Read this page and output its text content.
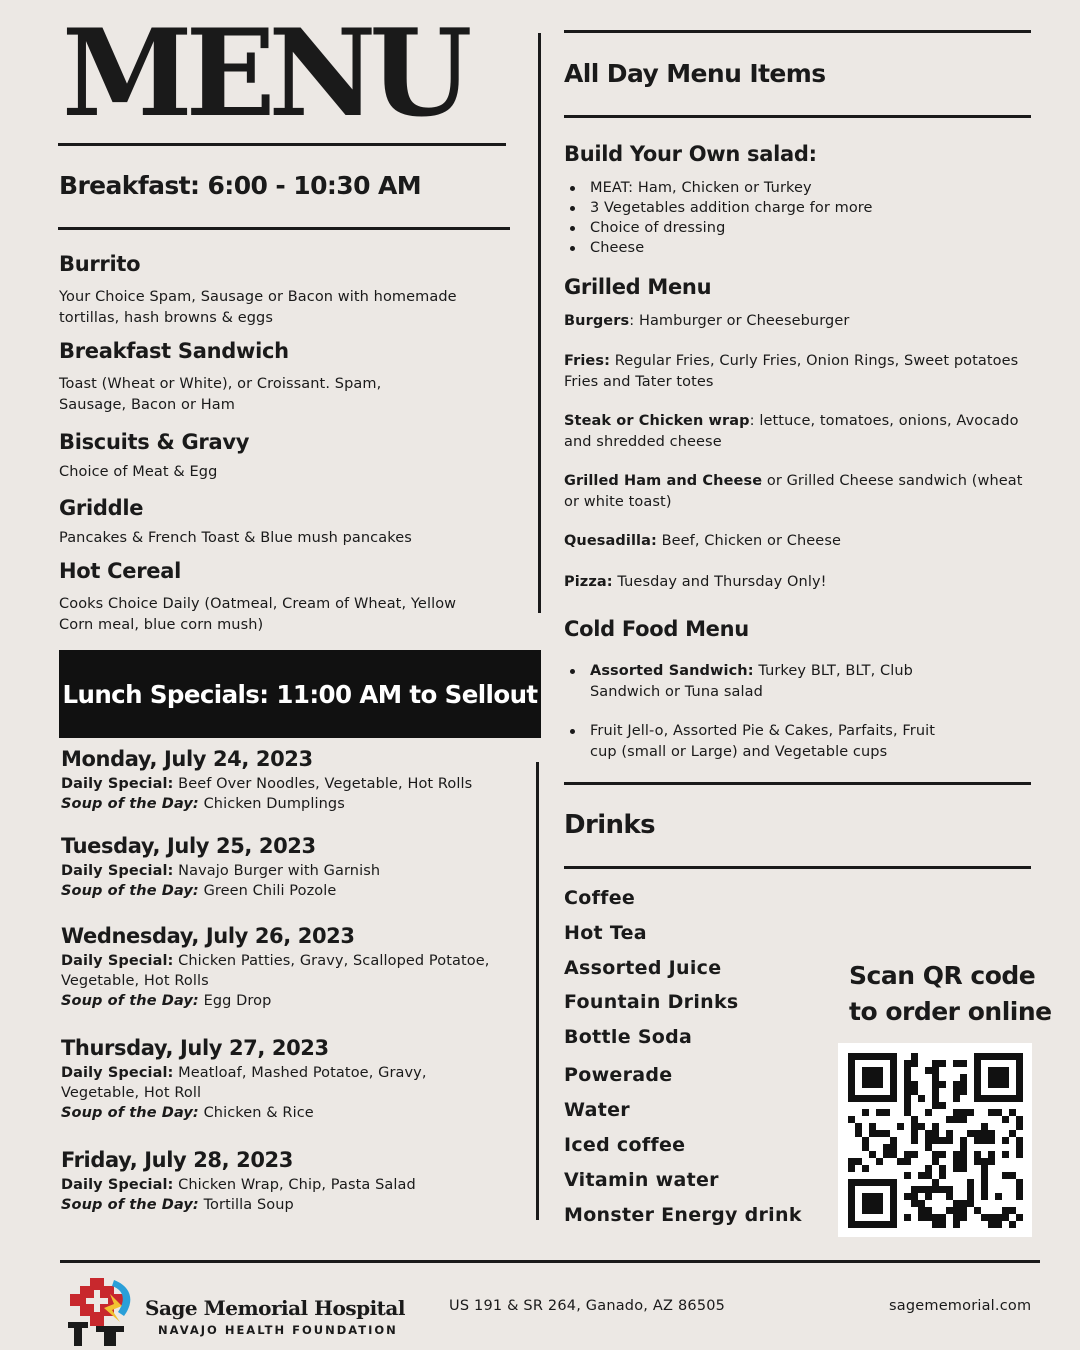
MENU
Breakfast: 6:00 - 10:30 AM
Burrito
Your Choice Spam, Sausage or Bacon with homemade tortillas, hash browns & eggs
Breakfast Sandwich
Toast (Wheat or White), or Croissant. Spam, Sausage, Bacon or Ham
Biscuits & Gravy
Choice of Meat & Egg
Griddle
Pancakes & French Toast & Blue mush pancakes
Hot Cereal
Cooks Choice Daily (Oatmeal, Cream of Wheat, Yellow Corn meal, blue corn mush)
Lunch Specials: 11:00 AM to Sellout
Monday, July 24, 2023
Daily Special: Beef Over Noodles, Vegetable, Hot Rolls
Soup of the Day: Chicken Dumplings
Tuesday, July 25, 2023
Daily Special: Navajo Burger with Garnish
Soup of the Day: Green Chili Pozole
Wednesday, July 26, 2023
Daily Special: Chicken Patties, Gravy, Scalloped Potatoe, Vegetable, Hot Rolls
Soup of the Day: Egg Drop
Thursday, July 27, 2023
Daily Special: Meatloaf, Mashed Potatoe, Gravy, Vegetable, Hot Roll
Soup of the Day: Chicken & Rice
Friday, July 28, 2023
Daily Special: Chicken Wrap, Chip, Pasta Salad
Soup of the Day: Tortilla Soup
All Day Menu Items
Build Your Own salad:
MEAT: Ham, Chicken or Turkey
3 Vegetables addition charge for more
Choice of dressing
Cheese
Grilled Menu
Burgers: Hamburger or Cheeseburger
Fries: Regular Fries, Curly Fries, Onion Rings, Sweet potatoes Fries and Tater totes
Steak or Chicken wrap: lettuce, tomatoes, onions, Avocado and shredded cheese
Grilled Ham and Cheese or Grilled Cheese sandwich (wheat or white toast)
Quesadilla: Beef, Chicken or Cheese
Pizza: Tuesday and Thursday Only!
Cold Food Menu
Assorted Sandwich: Turkey BLT, BLT, Club Sandwich or Tuna salad
Fruit Jell-o, Assorted Pie & Cakes, Parfaits, Fruit cup (small or Large) and Vegetable cups
Drinks
Coffee
Hot Tea
Assorted Juice
Fountain Drinks
Bottle Soda
Powerade
Water
Iced coffee
Vitamin water
Monster Energy drink
Scan QR code
to order online
Sage Memorial Hospital
NAVAJO HEALTH FOUNDATION
US 191 & SR 264, Ganado, AZ 86505	sagememorial.com
